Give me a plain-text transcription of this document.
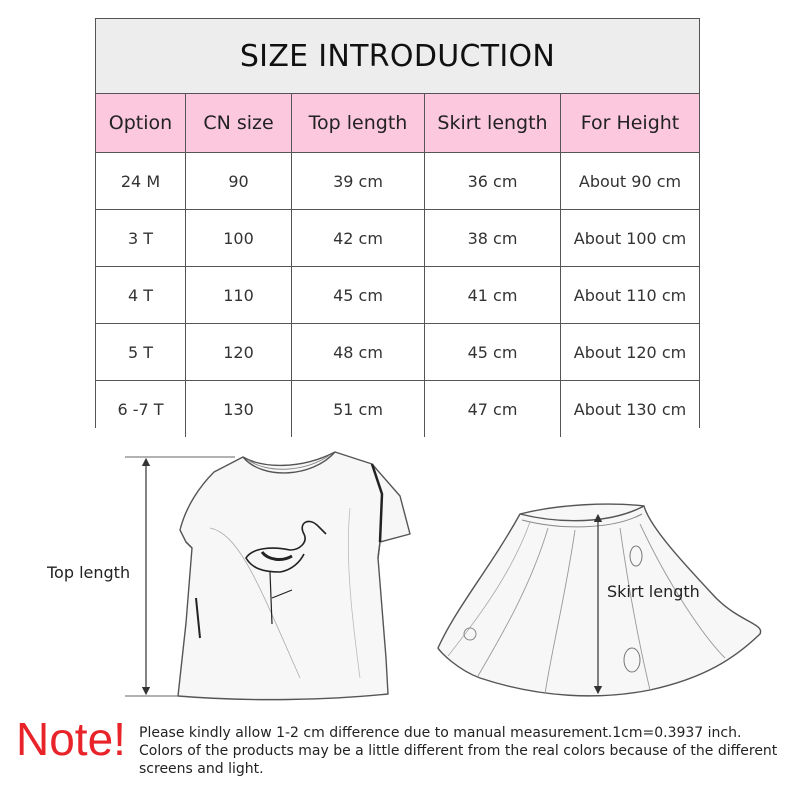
SIZE INTRODUCTION
Option	CN size	Top length	Skirt length	For Height
24 M	90	39 cm	36 cm	About 90 cm
3 T	100	42 cm	38 cm	About 100 cm
4 T	110	45 cm	41 cm	About 110 cm
5 T	120	48 cm	45 cm	About 120 cm
6 -7 T	130	51 cm	47 cm	About 130 cm
Top length
Skirt length
Note! Please kindly allow 1-2 cm difference due to manual measurement.1cm=0.3937 inch. Colors of the products may be a little different from the real colors because of the different screens and light.
